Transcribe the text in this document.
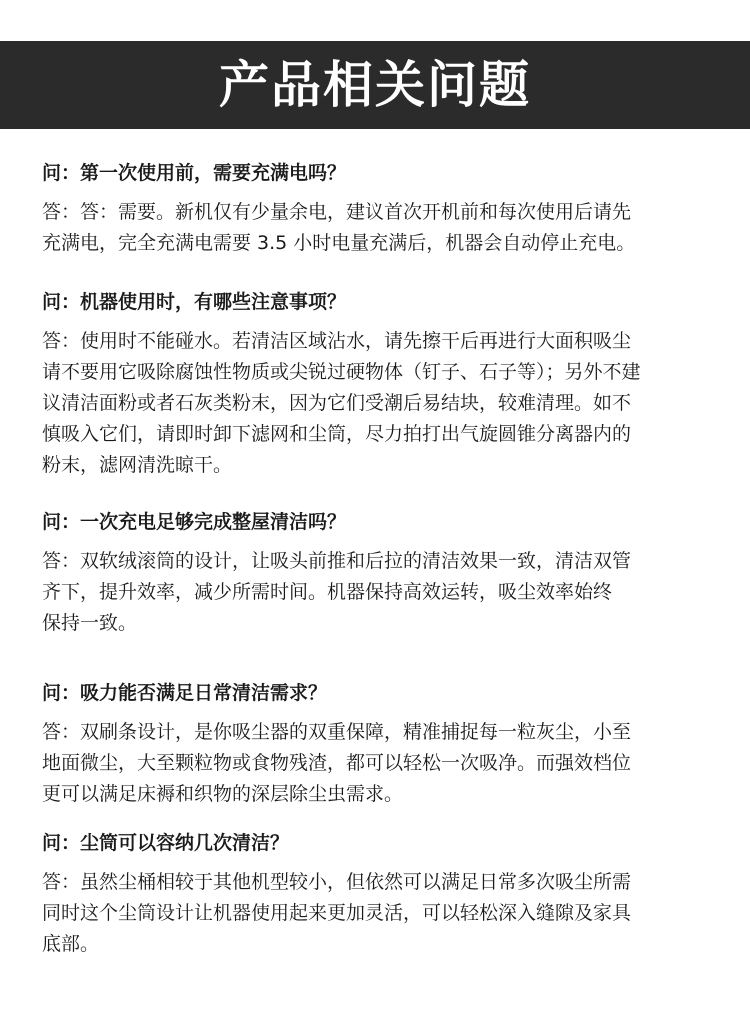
产品相关问题
问：第一次使用前，需要充满电吗？
答：答：需要。新机仅有少量余电，建议首次开机前和每次使用后请先
充满电，完全充满电需要 3.5 小时电量充满后，机器会自动停止充电。
问：机器使用时，有哪些注意事项？
答：使用时不能碰水。若清洁区域沾水，请先擦干后再进行大面积吸尘
请不要用它吸除腐蚀性物质或尖锐过硬物体（钉子、石子等）；另外不建
议清洁面粉或者石灰类粉末，因为它们受潮后易结块，较难清理。如不
慎吸入它们，请即时卸下滤网和尘筒，尽力拍打出气旋圆锥分离器内的
粉末，滤网清洗晾干。
问：一次充电足够完成整屋清洁吗？
答：双软绒滚筒的设计，让吸头前推和后拉的清洁效果一致，清洁双管
齐下，提升效率，减少所需时间。机器保持高效运转，吸尘效率始终
保持一致。
问：吸力能否满足日常清洁需求？
答：双刷条设计，是你吸尘器的双重保障，精准捕捉每一粒灰尘，小至
地面微尘，大至颗粒物或食物残渣，都可以轻松一次吸净。而强效档位
更可以满足床褥和织物的深层除尘虫需求。
问：尘筒可以容纳几次清洁？
答：虽然尘桶相较于其他机型较小，但依然可以满足日常多次吸尘所需
同时这个尘筒设计让机器使用起来更加灵活，可以轻松深入缝隙及家具
底部。
